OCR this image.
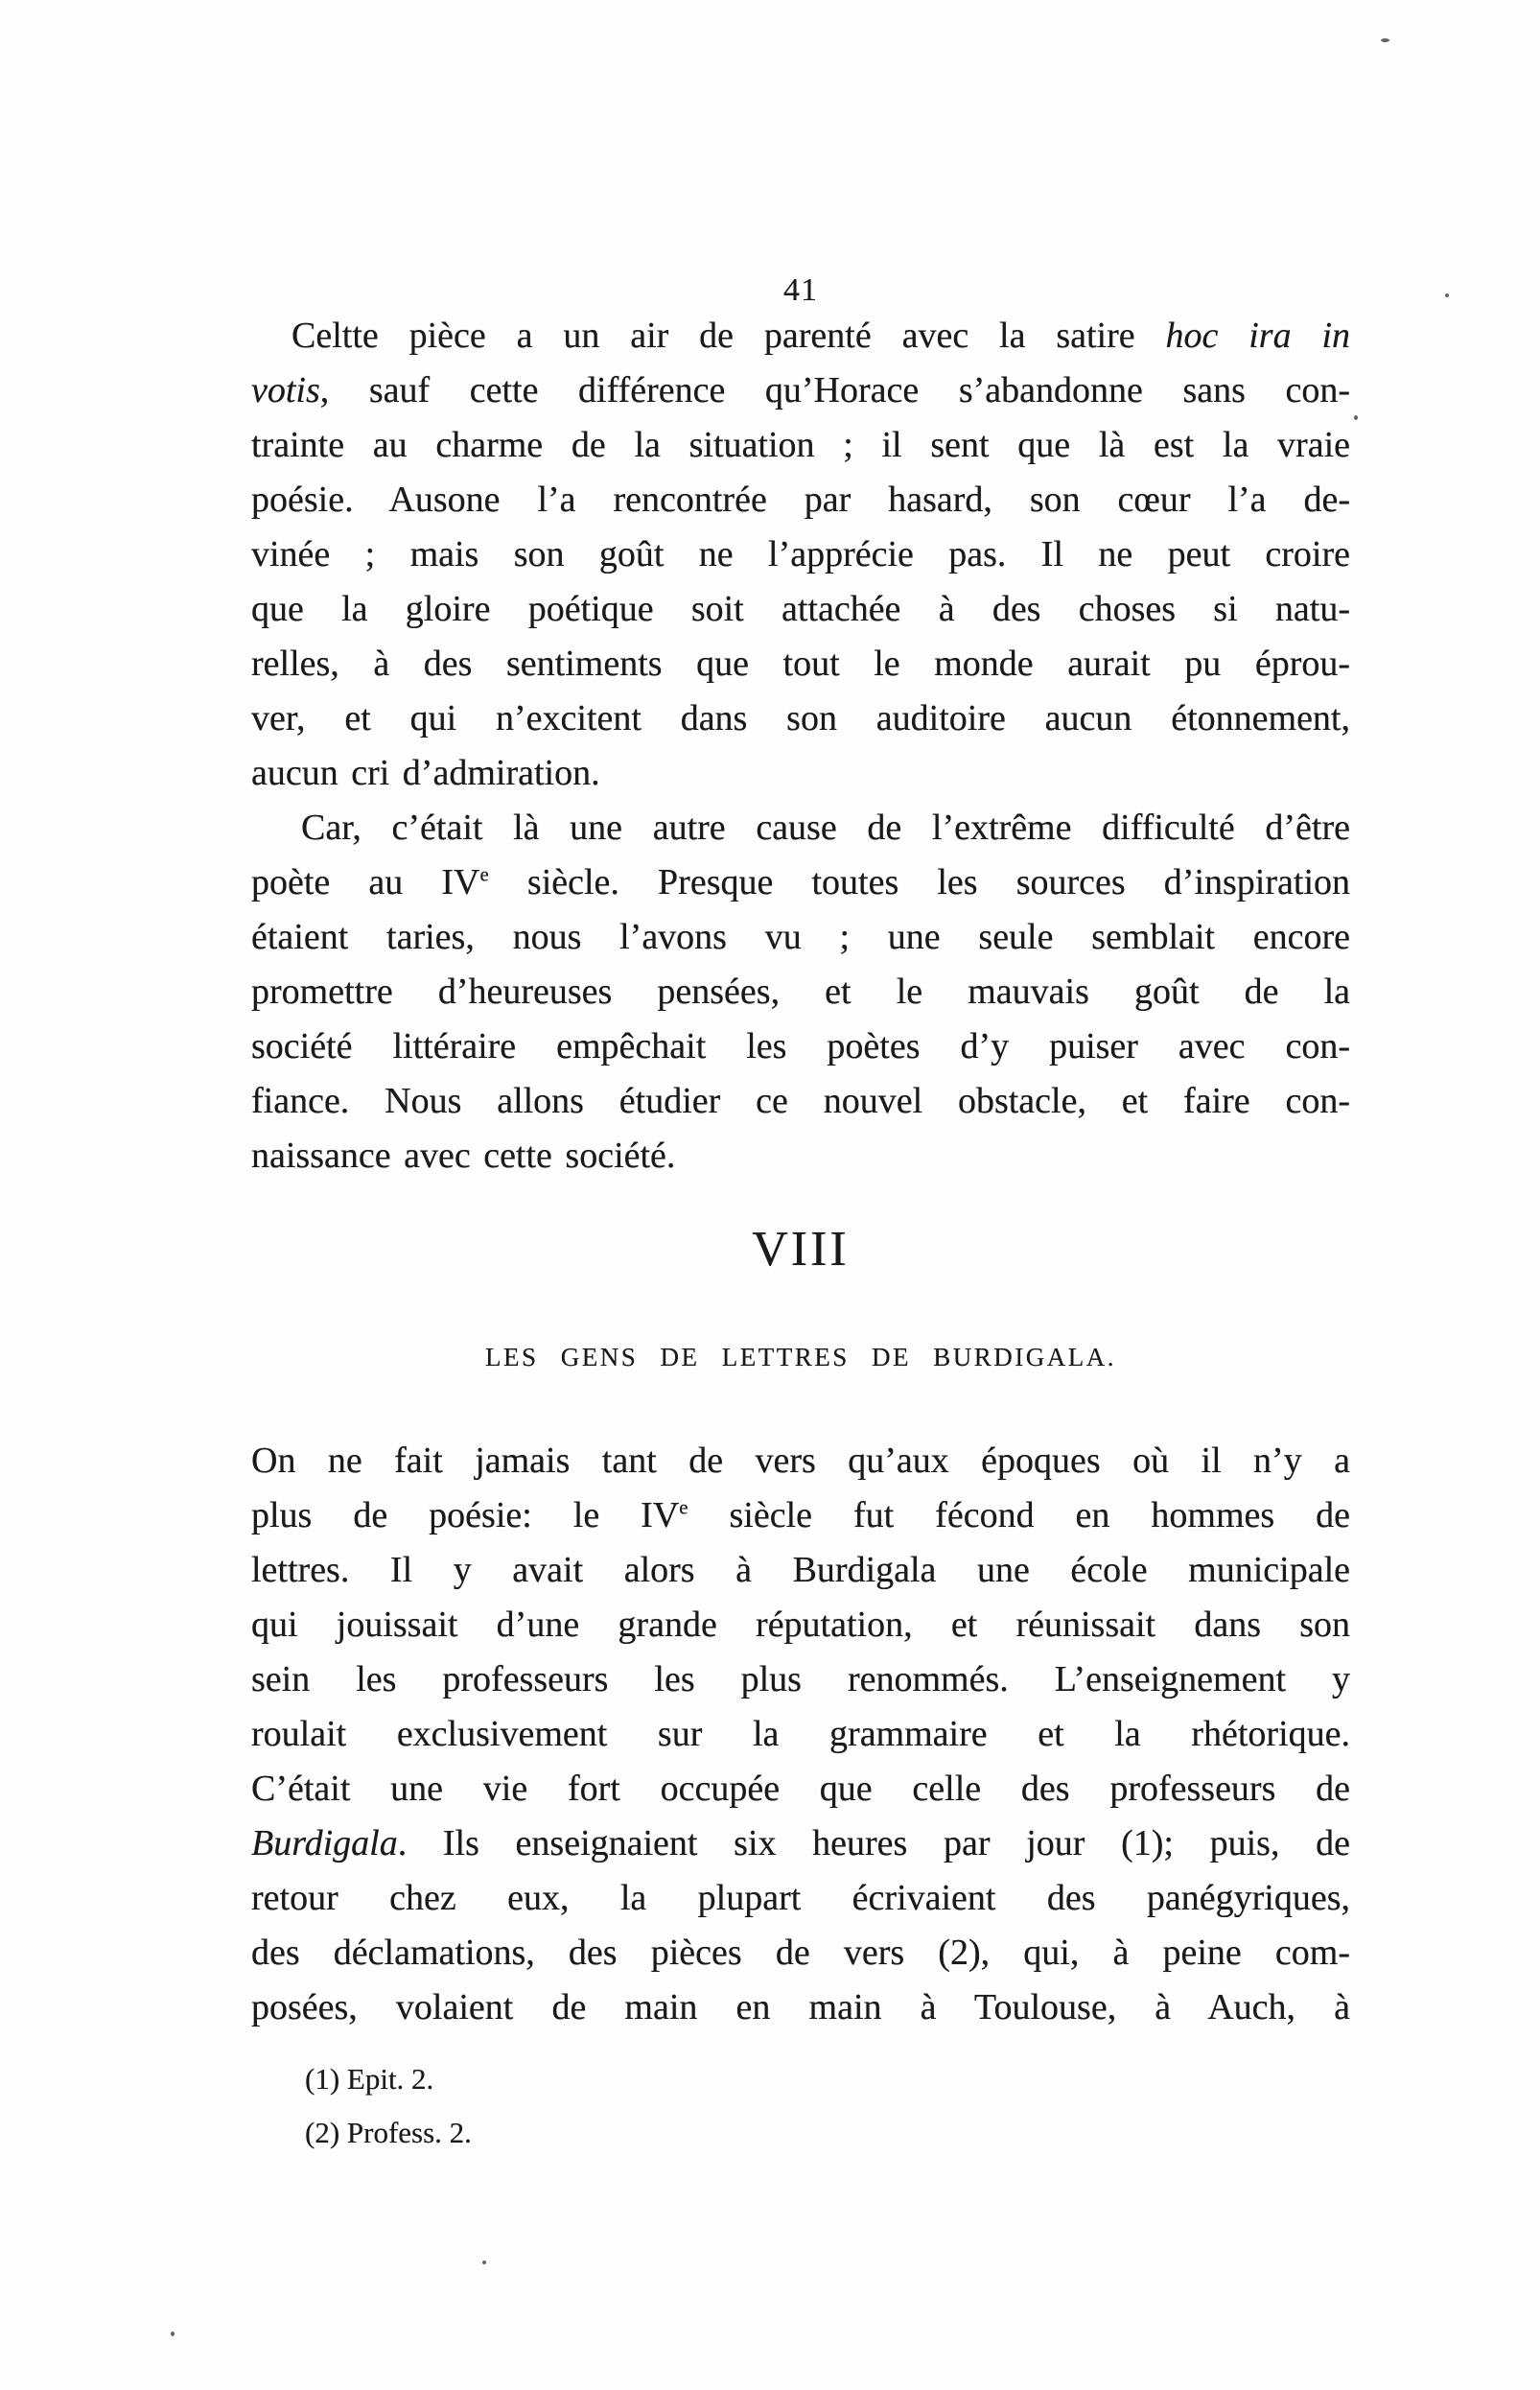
41
Celtte pièce a un air de parenté avec la satire hoc ira in
votis, sauf cette différence qu’Horace s’abandonne sans con-
trainte au charme de la situation ; il sent que là est la vraie
poésie. Ausone l’a rencontrée par hasard, son cœur l’a de-
vinée ; mais son goût ne l’apprécie pas. Il ne peut croire
que la gloire poétique soit attachée à des choses si natu-
relles, à des sentiments que tout le monde aurait pu éprou-
ver, et qui n’excitent dans son auditoire aucun étonnement,
aucun cri d’admiration.
Car, c’était là une autre cause de l’extrême difficulté d’être
poète au IVe siècle. Presque toutes les sources d’inspiration
étaient taries, nous l’avons vu ; une seule semblait encore
promettre d’heureuses pensées, et le mauvais goût de la
société littéraire empêchait les poètes d’y puiser avec con-
fiance. Nous allons étudier ce nouvel obstacle, et faire con-
naissance avec cette société.
VIII
LES GENS DE LETTRES DE BURDIGALA.
On ne fait jamais tant de vers qu’aux époques où il n’y a
plus de poésie: le IVe siècle fut fécond en hommes de
lettres. Il y avait alors à Burdigala une école municipale
qui jouissait d’une grande réputation, et réunissait dans son
sein les professeurs les plus renommés. L’enseignement y
roulait exclusivement sur la grammaire et la rhétorique.
C’était une vie fort occupée que celle des professeurs de
Burdigala. Ils enseignaient six heures par jour (1); puis, de
retour chez eux, la plupart écrivaient des panégyriques,
des déclamations, des pièces de vers (2), qui, à peine com-
posées, volaient de main en main à Toulouse, à Auch, à
(1) Epit. 2.
(2) Profess. 2.
